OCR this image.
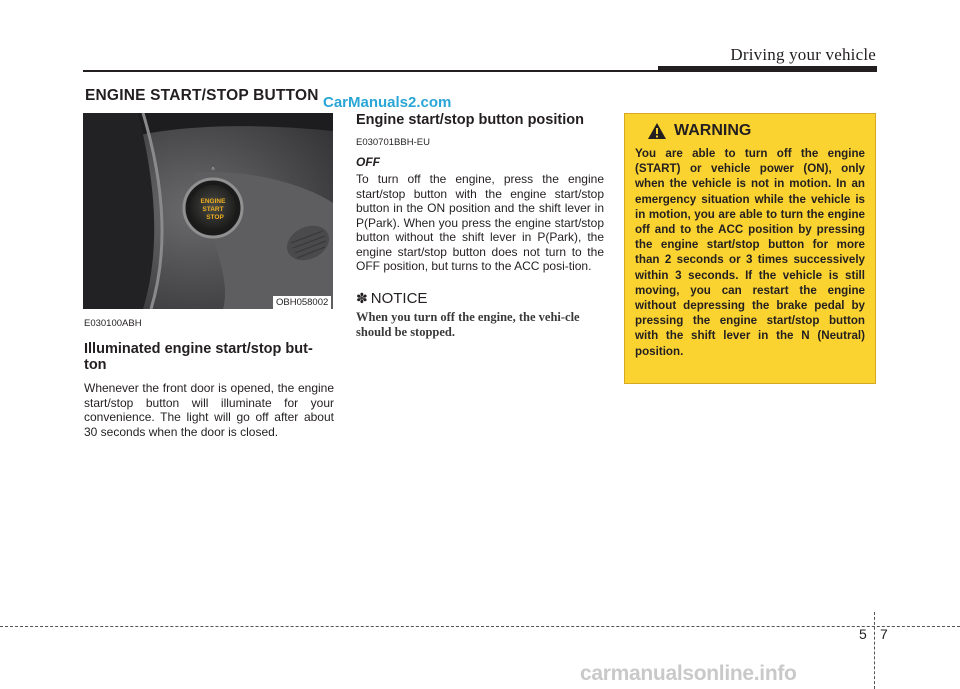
Driving your vehicle
ENGINE START/STOP BUTTON
⚙
ENGINE
START
STOP
OBH058002
CarManuals2.com
E030100ABH
Illuminated engine start/stop but-ton
Whenever the front door is opened, the engine start/stop button will illuminate for your convenience. The light will go off after about 30 seconds when the door is closed.
Engine start/stop button position
E030701BBH-EU
OFF
To turn off the engine, press the engine start/stop button with the engine start/stop button in the ON position and the shift lever in P(Park). When you press the engine start/stop button without the shift lever in P(Park), the engine start/stop button does not turn to the OFF position, but turns to the ACC posi-tion.
✽ NOTICE
When you turn off the engine, the vehi-cle should be stopped.
WARNING
You are able to turn off the engine (START) or vehicle power (ON), only when the vehicle is not in motion. In an emergency situation while the vehicle is in motion, you are able to turn the engine off and to the ACC position by pressing the engine start/stop button for more than 2 seconds or 3 times successively within 3 seconds. If the vehicle is still moving, you can restart the engine without depressing the brake pedal by pressing the engine start/stop button with the shift lever in the N (Neutral) position.
5 7
carmanualsonline.info
